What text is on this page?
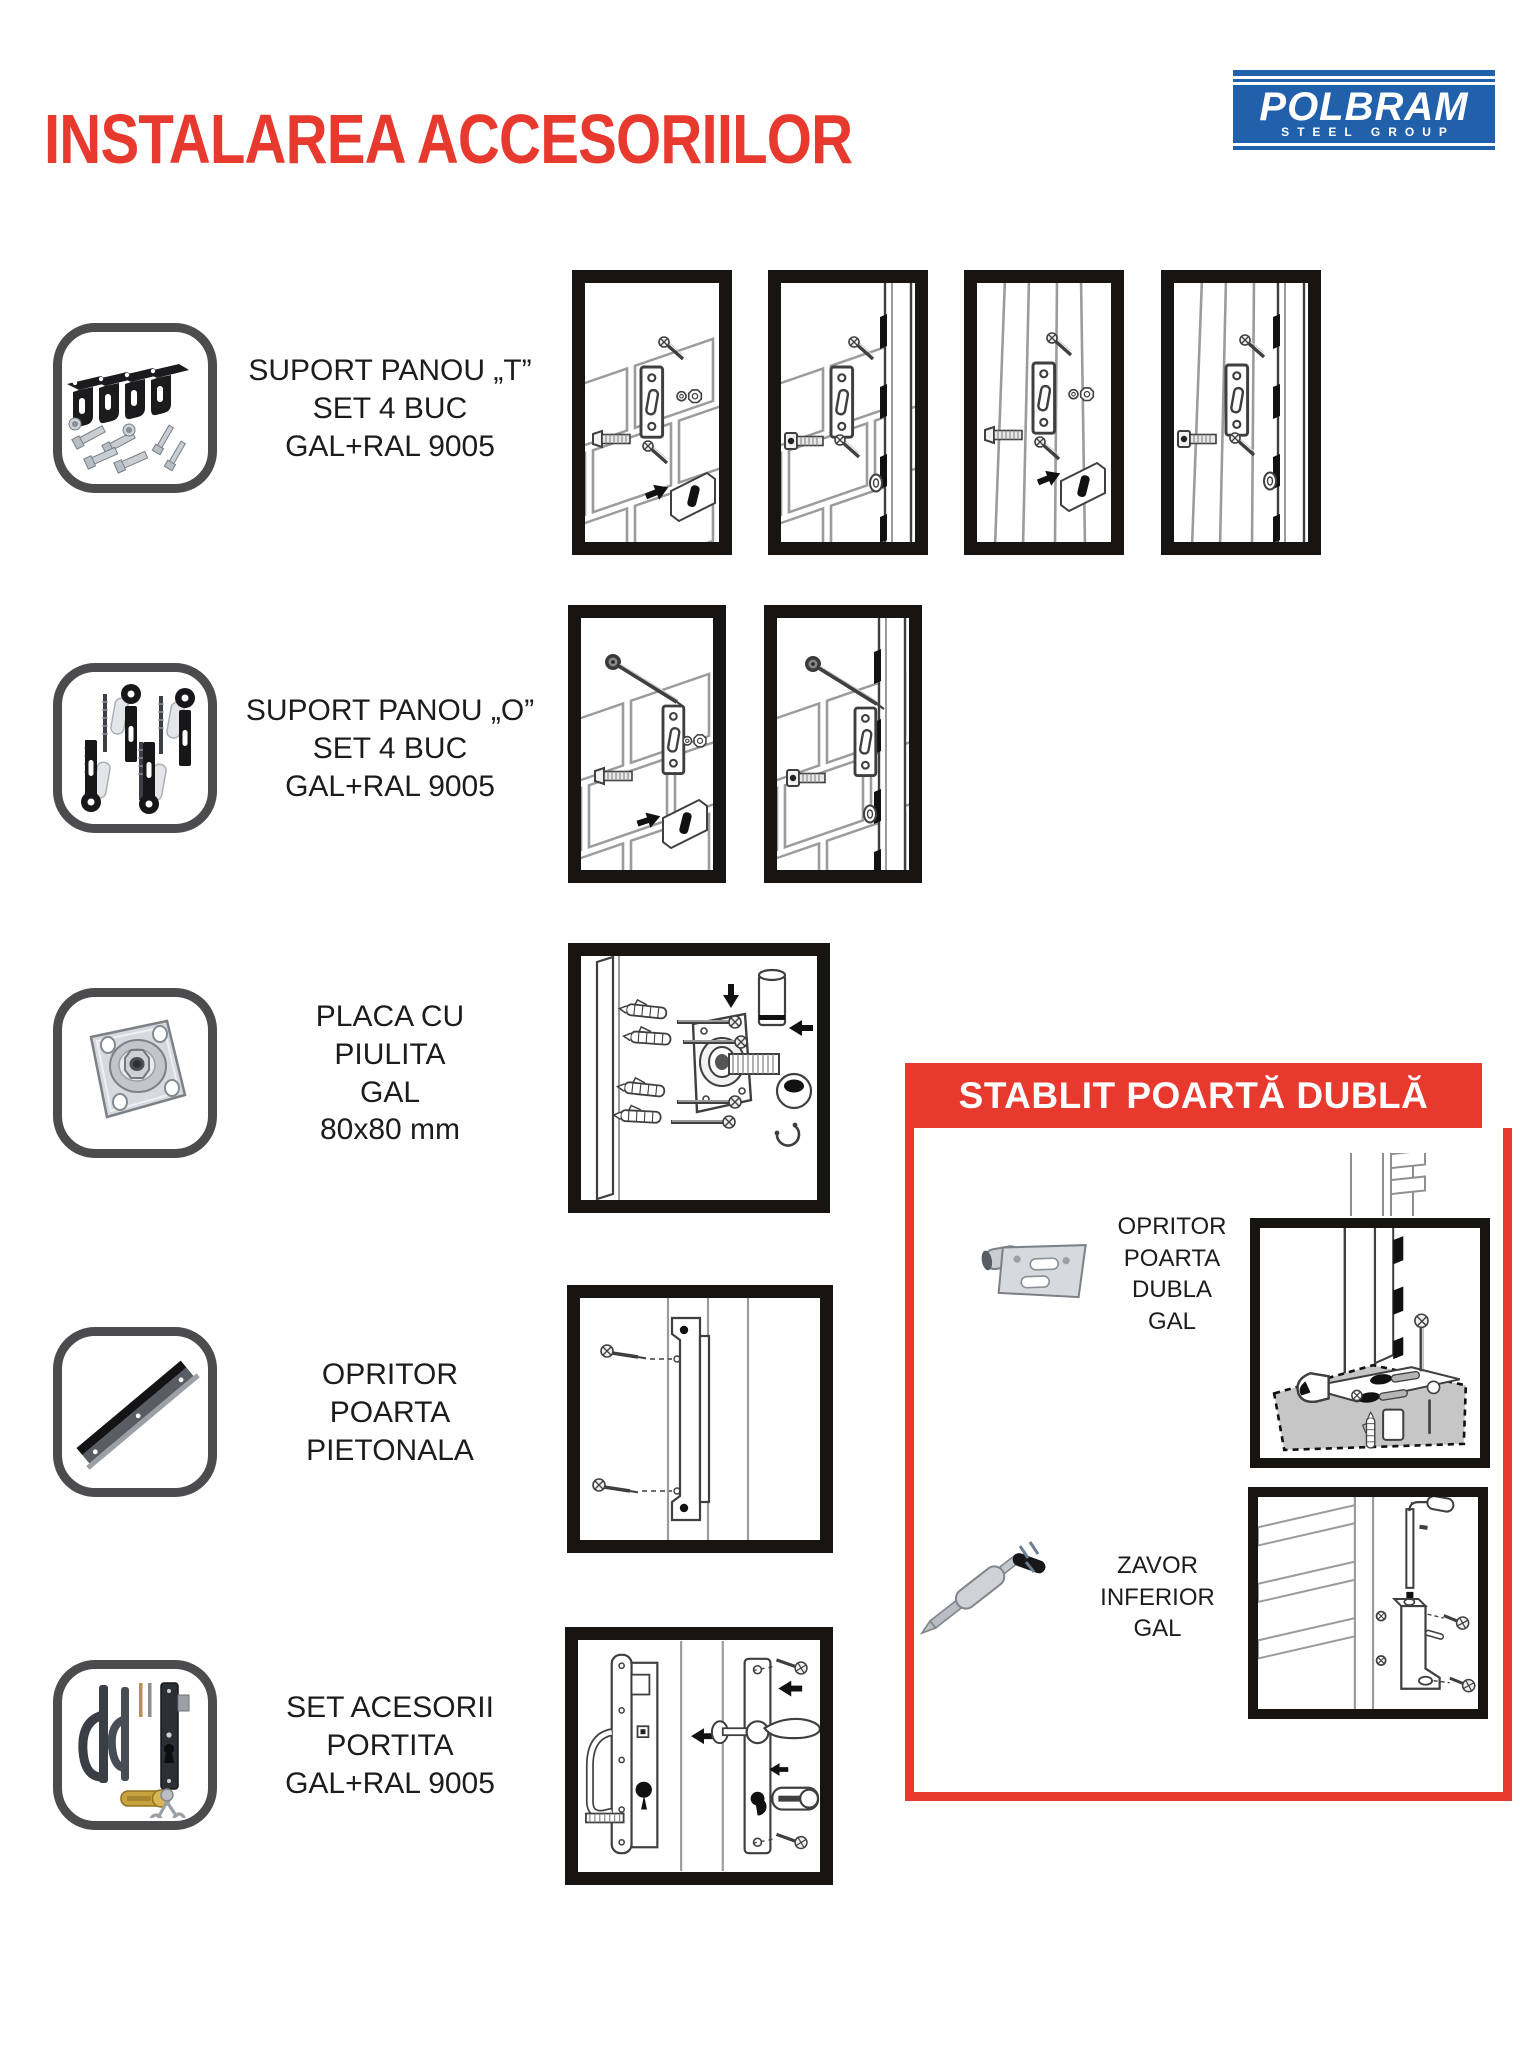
INSTALAREA ACCESORIILOR	POLBRAM
STEEL GROUP
SUPORT PANOU „T”
SET 4 BUC
GAL+RAL 9005
SUPORT PANOU „O”
SET 4 BUC
GAL+RAL 9005
PLACA CU
PIULITA
GAL
80x80 mm
OPRITOR
POARTA
PIETONALA
SET ACESORII
PORTITA
GAL+RAL 9005
STABLIT POARTĂ DUBLĂ
OPRITOR
POARTA
DUBLA
GAL
ZAVOR
INFERIOR
GAL
